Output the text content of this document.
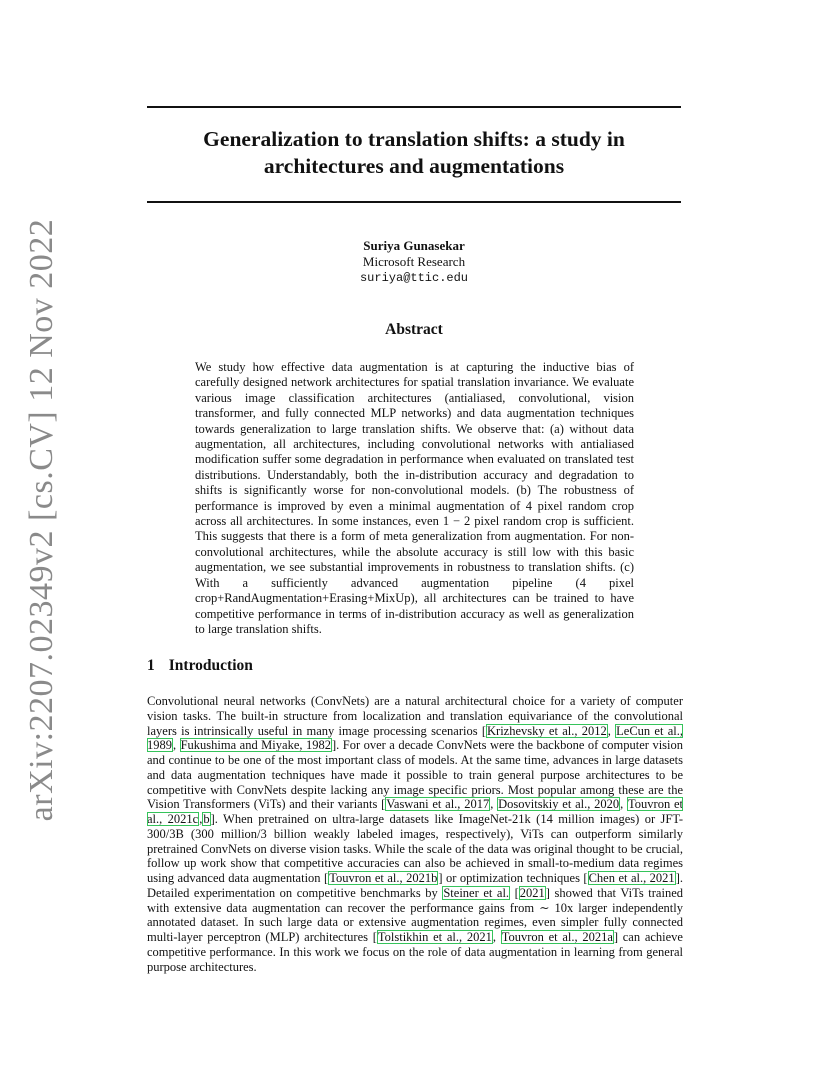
arXiv:2207.02349v2 [cs.CV] 12 Nov 2022
Generalization to translation shifts: a study in
architectures and augmentations
Suriya Gunasekar
Microsoft Research
suriya@ttic.edu
Abstract
We study how effective data augmentation is at capturing the inductive bias of carefully designed network architectures for spatial translation invariance. We evaluate various image classification architectures (antialiased, convolutional, vision transformer, and fully connected MLP networks) and data augmentation techniques towards generalization to large translation shifts. We observe that: (a) without data augmentation, all architectures, including convolutional networks with antialiased modification suffer some degradation in performance when evaluated on translated test distributions. Understandably, both the in-distribution accuracy and degradation to shifts is significantly worse for non-convolutional models. (b) The robustness of performance is improved by even a minimal augmentation of 4 pixel random crop across all architectures. In some instances, even 1 − 2 pixel random crop is sufficient. This suggests that there is a form of meta generalization from augmentation. For non-convolutional architectures, while the absolute accuracy is still low with this basic augmentation, we see substantial improvements in robustness to translation shifts. (c) With a sufficiently advanced augmentation pipeline (4 pixel crop+RandAugmentation+Erasing+MixUp), all architectures can be trained to have competitive performance in terms of in-distribution accuracy as well as generalization to large translation shifts.
1 Introduction
Convolutional neural networks (ConvNets) are a natural architectural choice for a variety of computer vision tasks. The built-in structure from localization and translation equivariance of the convolutional layers is intrinsically useful in many image processing scenarios [Krizhevsky et al., 2012, LeCun et al., 1989, Fukushima and Miyake, 1982]. For over a decade ConvNets were the backbone of computer vision and continue to be one of the most important class of models. At the same time, advances in large datasets and data augmentation techniques have made it possible to train general purpose architectures to be competitive with ConvNets despite lacking any image specific priors. Most popular among these are the Vision Transformers (ViTs) and their variants [Vaswani et al., 2017, Dosovitskiy et al., 2020, Touvron et al., 2021c,b]. When pretrained on ultra-large datasets like ImageNet-21k (14 million images) or JFT-300/3B (300 million/3 billion weakly labeled images, respectively), ViTs can outperform similarly pretrained ConvNets on diverse vision tasks. While the scale of the data was original thought to be crucial, follow up work show that competitive accuracies can also be achieved in small-to-medium data regimes using advanced data augmentation [Touvron et al., 2021b] or optimization techniques [Chen et al., 2021]. Detailed experimentation on competitive benchmarks by Steiner et al. [2021] showed that ViTs trained with extensive data augmentation can recover the performance gains from ∼ 10x larger independently annotated dataset. In such large data or extensive augmentation regimes, even simpler fully connected multi-layer perceptron (MLP) architectures [Tolstikhin et al., 2021, Touvron et al., 2021a] can achieve competitive performance. In this work we focus on the role of data augmentation in learning from general purpose architectures.
